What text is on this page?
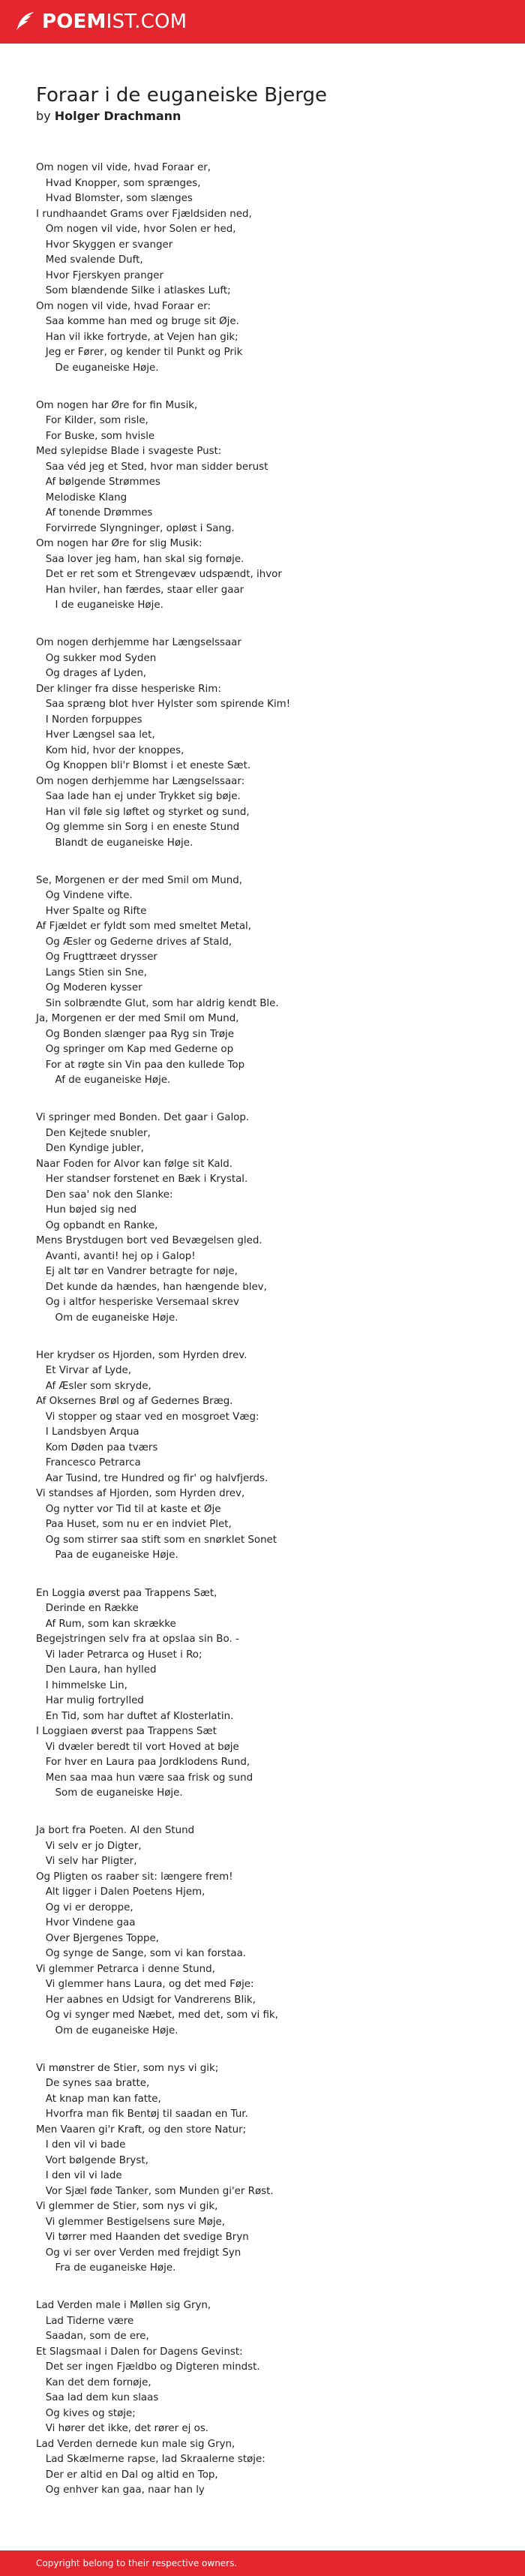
POEMIST.COM
Foraar i de euganeiske Bjerge

by Holger Drachmann

Om nogen vil vide, hvad Foraar er,
Hvad Knopper, som sprænges,
Hvad Blomster, som slænges
I rundhaandet Grams over Fjældsiden ned,
Om nogen vil vide, hvor Solen er hed,
Hvor Skyggen er svanger
Med svalende Duft,
Hvor Fjerskyen pranger
Som blændende Silke i atlaskes Luft;
Om nogen vil vide, hvad Foraar er:
Saa komme han med og bruge sit Øje.
Han vil ikke fortryde, at Vejen han gik;
Jeg er Fører, og kender til Punkt og Prik
De euganeiske Høje.
Om nogen har Øre for fin Musik,
For Kilder, som risle,
For Buske, som hvisle
Med sylepidse Blade i svageste Pust:
Saa véd jeg et Sted, hvor man sidder berust
Af bølgende Strømmes
Melodiske Klang
Af tonende Drømmes
Forvirrede Slyngninger, opløst i Sang.
Om nogen har Øre for slig Musik:
Saa lover jeg ham, han skal sig fornøje.
Det er ret som et Strengevæv udspændt, ihvor
Han hviler, han færdes, staar eller gaar
I de euganeiske Høje.
Om nogen derhjemme har Længselssaar
Og sukker mod Syden
Og drages af Lyden,
Der klinger fra disse hesperiske Rim:
Saa spræng blot hver Hylster som spirende Kim!
I Norden forpuppes
Hver Længsel saa let,
Kom hid, hvor der knoppes,
Og Knoppen bli'r Blomst i et eneste Sæt.
Om nogen derhjemme har Længselssaar:
Saa lade han ej under Trykket sig bøje.
Han vil føle sig løftet og styrket og sund,
Og glemme sin Sorg i en eneste Stund
Blandt de euganeiske Høje.
Se, Morgenen er der med Smil om Mund,
Og Vindene vifte.
Hver Spalte og Rifte
Af Fjældet er fyldt som med smeltet Metal,
Og Æsler og Gederne drives af Stald,
Og Frugttræet drysser
Langs Stien sin Sne,
Og Moderen kysser
Sin solbrændte Glut, som har aldrig kendt Ble.
Ja, Morgenen er der med Smil om Mund,
Og Bonden slænger paa Ryg sin Trøje
Og springer om Kap med Gederne op
For at røgte sin Vin paa den kullede Top
Af de euganeiske Høje.
Vi springer med Bonden. Det gaar i Galop.
Den Kejtede snubler,
Den Kyndige jubler,
Naar Foden for Alvor kan følge sit Kald.
Her standser forstenet en Bæk i Krystal.
Den saa' nok den Slanke:
Hun bøjed sig ned
Og opbandt en Ranke,
Mens Brystdugen bort ved Bevægelsen gled.
Avanti, avanti! hej op i Galop!
Ej alt tør en Vandrer betragte for nøje,
Det kunde da hændes, han hængende blev,
Og i altfor hesperiske Versemaal skrev
Om de euganeiske Høje.
Her krydser os Hjorden, som Hyrden drev.
Et Virvar af Lyde,
Af Æsler som skryde,
Af Oksernes Brøl og af Gedernes Bræg.
Vi stopper og staar ved en mosgroet Væg:
I Landsbyen Arqua
Kom Døden paa tværs
Francesco Petrarca
Aar Tusind, tre Hundred og fir' og halvfjerds.
Vi standses af Hjorden, som Hyrden drev,
Og nytter vor Tid til at kaste et Øje
Paa Huset, som nu er en indviet Plet,
Og som stirrer saa stift som en snørklet Sonet
Paa de euganeiske Høje.
En Loggia øverst paa Trappens Sæt,
Derinde en Række
Af Rum, som kan skrække
Begejstringen selv fra at opslaa sin Bo. -
Vi lader Petrarca og Huset i Ro;
Den Laura, han hylled
I himmelske Lin,
Har mulig fortrylled
En Tid, som har duftet af Klosterlatin.
I Loggiaen øverst paa Trappens Sæt
Vi dvæler beredt til vort Hoved at bøje
For hver en Laura paa Jordklodens Rund,
Men saa maa hun være saa frisk og sund
Som de euganeiske Høje.
Ja bort fra Poeten. Al den Stund
Vi selv er jo Digter,
Vi selv har Pligter,
Og Pligten os raaber sit: længere frem!
Alt ligger i Dalen Poetens Hjem,
Og vi er deroppe,
Hvor Vindene gaa
Over Bjergenes Toppe,
Og synge de Sange, som vi kan forstaa.
Vi glemmer Petrarca i denne Stund,
Vi glemmer hans Laura, og det med Føje:
Her aabnes en Udsigt for Vandrerens Blik,
Og vi synger med Næbet, med det, som vi fik,
Om de euganeiske Høje.
Vi mønstrer de Stier, som nys vi gik;
De synes saa bratte,
At knap man kan fatte,
Hvorfra man fik Bentøj til saadan en Tur.
Men Vaaren gi'r Kraft, og den store Natur;
I den vil vi bade
Vort bølgende Bryst,
I den vil vi lade
Vor Sjæl føde Tanker, som Munden gi'er Røst.
Vi glemmer de Stier, som nys vi gik,
Vi glemmer Bestigelsens sure Møje,
Vi tørrer med Haanden det svedige Bryn
Og vi ser over Verden med frejdigt Syn
Fra de euganeiske Høje.
Lad Verden male i Møllen sig Gryn,
Lad Tiderne være
Saadan, som de ere,
Et Slagsmaal i Dalen for Dagens Gevinst:
Det ser ingen Fjældbo og Digteren mindst.
Kan det dem fornøje,
Saa lad dem kun slaas
Og kives og støje;
Vi hører det ikke, det rører ej os.
Lad Verden dernede kun male sig Gryn,
Lad Skælmerne rapse, lad Skraalerne støje:
Der er altid en Dal og altid en Top,
Og enhver kan gaa, naar han ly
Copyright belong to their respective owners.
